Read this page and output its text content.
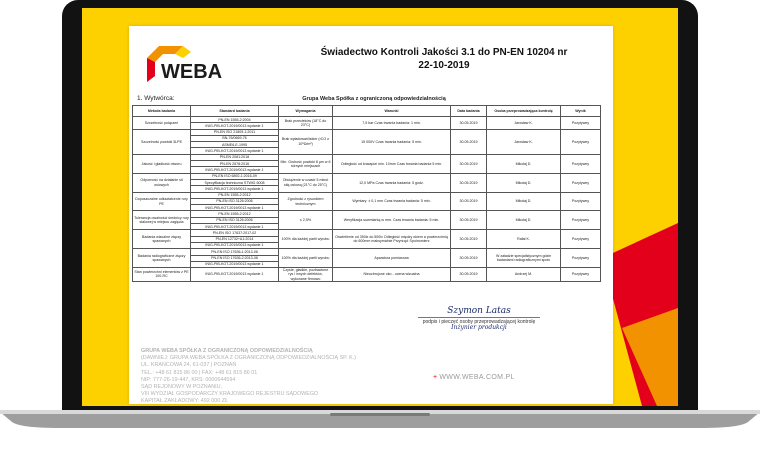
WEBA
Świadectwo Kontroli Jakości 3.1 do PN-EN 10204 nr
22-10-2019
1. Wytwórca:	Grupa Weba Spółka z ograniczoną odpowiedzialnością
Metoda badania	Standard badania	Wymagania	Warunki	Data badania	Osoba przeprowadzająca kontrolę	Wynik
Szczelność połączeń	PN-EN 1555-2:2004	Brak przecieków (18°C do 23°C)	7,5 bar Czas trwania badania: 1 min.	30.05.2019	Jarosław K.	Pozytywny
	INIG-PIB-KOT-2019/0013 wydanie 1					
Szczelność powłoki 3LPE	PN-EN ISO 21809-1:2011	Brak wyładowań/iskier (rCO ≥ 10⁸Ω/m²)	15 000V Czas trwania badania: 5 min.	30.05.2019	Jarosław K.	Pozytywny
	BN-76/0669-76					
	ASME6-E-1995					
	INIG-PIB-KOT-2019/0013 wydanie 1					
Jakość i gładkość otworu	PN-EN 2081:2018	Min. Grubość powłoki 8 µm w 6 różnych miejscach	Odległość od krawędzi min. 10mm Czas trwania badania 5 min.	30.05.2019	Mikołaj D.	Pozytywny
	PN-EN 2578:2016					
	INIG-PIB-KOT-2019/0013 wydanie 1					
Odporność na działanie sił osiowych	PN-EN ISO 6892-1:2016-09	Obciążenie w czasie 5 minut siłą osiową (21°C do 25°C)	12,0 MPa Czas trwania badania: 5 godz.	30.05.2019	Mikołaj D.	Pozytywny
	Specyfikacja techniczna STWiG 6008					
	INIG-PIB-KOT-2019/0013 wydanie 1					
Dopuszczalne odkształcenie rury PE	PN-EN 1555-2:2012	Zgodność z rysunkiem technicznym	Wymiary: ± 0,1 mm Czas trwania badania: 5 min.	30.05.2019	Mikołaj D.	Pozytywny
	PN-EN ISO 3126:2006					
	INIG-PIB-KOT-2019/0013 wydanie 1					
Tolerancja owalności średnicy rury stalowej w miejscu zagięcia	PN-EN 1555-2:2012	≤ 2,5%	Weryfikacja suwmiarką w mm. Czas trwania badania: 5 min.	30.05.2019	Mikołaj D.	Pozytywny
	PN-EN ISO 3126:2006					
	INIG-PIB-KOT-2019/0013 wydanie 1					
Badania wizualne złączy spawanych	PN-EN ISO 17637:2017-02	100% dla każdej partii wyrobu	Oświetlenie od 350lx do 500lx Odległość między okiem a powierzchnią do 600mm maksymalnie Przyrząd: Spoinomierz	30.05.2019	Rafał K.	Pozytywny
	PN-EN 12732+A1:2014					
	INIG-PIB-KOT-2019/0013 wydanie 1					
Badania radiograficzne złączy spawanych	PN-EN ISO 17636-1:2013-06	100% dla każdej partii wyrobu	Aparatura pomiarowa	30.05.2019	W załadzie specjalistycznym gdzie badaniami radiograficznymi spoin	Pozytywny
	PN-EN ISO 17636-2:2013-06					
	INIG-PIB-KOT-2019/0013 wydanie 1					
Stan powierzchni elementów z PE 100-RC	INIG-PIB-KOT-2019/0013 wydanie 1	Czyste, gładkie, pozbawione rys i innych defektów, wykonane firmowo	Nieuzbrojone oko - ocena wizualna	30.05.2019	Andrzej M.	Pozytywny
Szymon Latas
podpis i pieczęć osoby przeprowadzającej kontrolę
Inżynier produkcji
GRUPA WEBA SPÓŁKA Z OGRANICZONĄ ODPOWIEDZIALNOŚCIĄ
(DAWNIEJ: GRUPA WEBA SPÓŁKA Z OGRANICZONĄ ODPOWIEDZIALNOŚCIĄ SP. K.)
UL. KRAŃCOWA 24, 61-037 | POZNAŃ
TEL.: +48 61 815 86 00 | FAX: +48 61 815 86 01
NIP: 777-26-19-447, KRS: 0000644594
SĄD REJONOWY W POZNANIU,
VIII WYDZIAŁ GOSPODARCZY KRAJOWEGO REJESTRU SĄDOWEGO
KAPITAŁ ZAKŁADOWY: 492 000 ZŁ
+ WWW.WEBA.COM.PL
